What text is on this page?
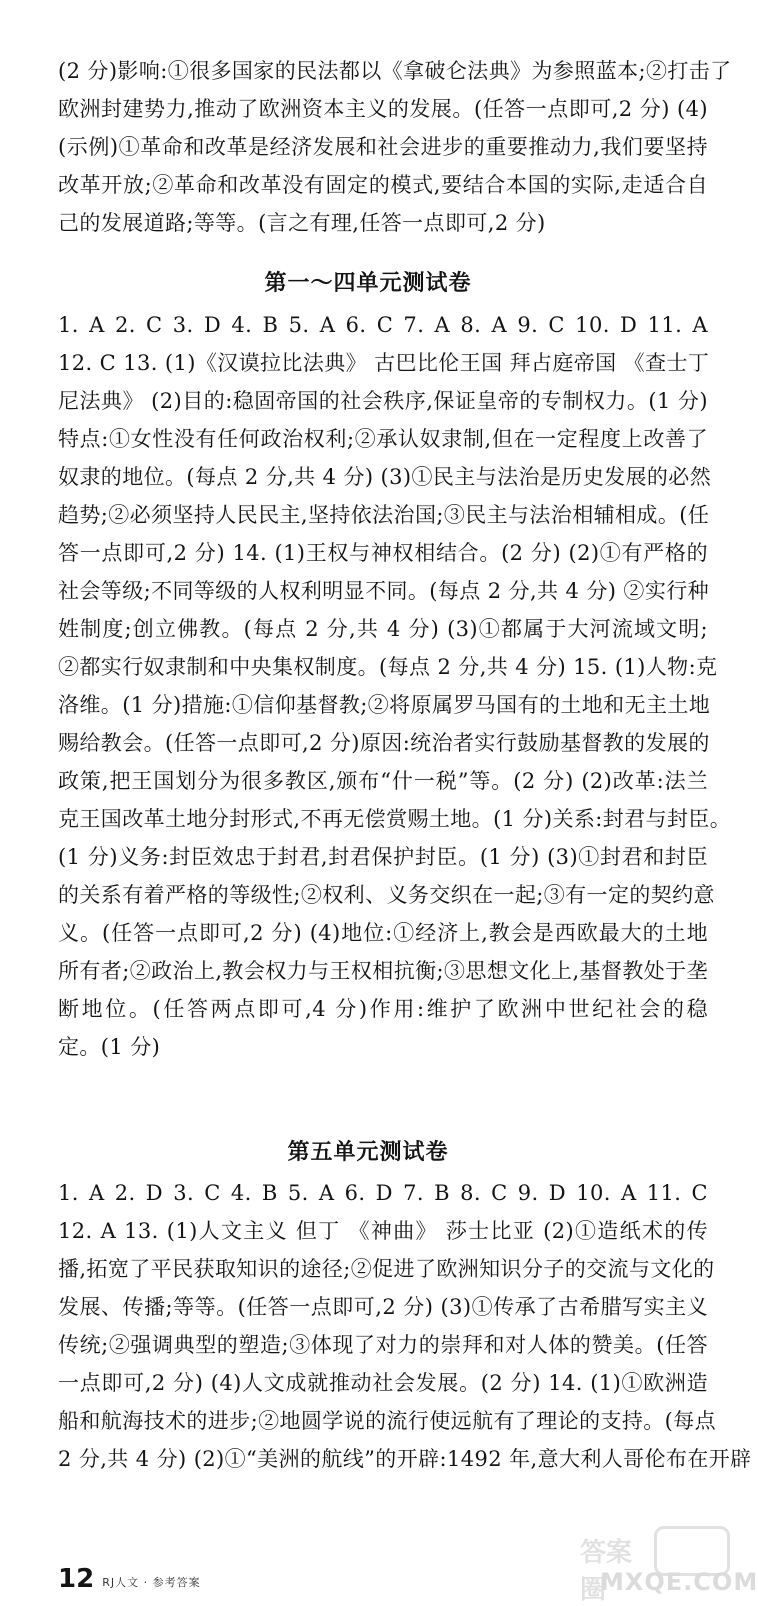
(2 分)影响:①很多国家的民法都以《拿破仑法典》为参照蓝本;②打击了
欧洲封建势力,推动了欧洲资本主义的发展。(任答一点即可,2 分) (4)
(示例)①革命和改革是经济发展和社会进步的重要推动力,我们要坚持
改革开放;②革命和改革没有固定的模式,要结合本国的实际,走适合自
己的发展道路;等等。(言之有理,任答一点即可,2 分)
第一～四单元测试卷
1. A 2. C 3. D 4. B 5. A 6. C 7. A 8. A 9. C 10. D 11. A
12. C 13. (1)《汉谟拉比法典》 古巴比伦王国 拜占庭帝国 《查士丁
尼法典》 (2)目的:稳固帝国的社会秩序,保证皇帝的专制权力。(1 分)
特点:①女性没有任何政治权利;②承认奴隶制,但在一定程度上改善了
奴隶的地位。(每点 2 分,共 4 分) (3)①民主与法治是历史发展的必然
趋势;②必须坚持人民民主,坚持依法治国;③民主与法治相辅相成。(任
答一点即可,2 分) 14. (1)王权与神权相结合。(2 分) (2)①有严格的
社会等级;不同等级的人权利明显不同。(每点 2 分,共 4 分) ②实行种
姓制度;创立佛教。(每点 2 分,共 4 分) (3)①都属于大河流域文明;
②都实行奴隶制和中央集权制度。(每点 2 分,共 4 分) 15. (1)人物:克
洛维。(1 分)措施:①信仰基督教;②将原属罗马国有的土地和无主土地
赐给教会。(任答一点即可,2 分)原因:统治者实行鼓励基督教的发展的
政策,把王国划分为很多教区,颁布“什一税”等。(2 分) (2)改革:法兰
克王国改革土地分封形式,不再无偿赏赐土地。(1 分)关系:封君与封臣。
(1 分)义务:封臣效忠于封君,封君保护封臣。(1 分) (3)①封君和封臣
的关系有着严格的等级性;②权利、义务交织在一起;③有一定的契约意
义。(任答一点即可,2 分) (4)地位:①经济上,教会是西欧最大的土地
所有者;②政治上,教会权力与王权相抗衡;③思想文化上,基督教处于垄
断地位。(任答两点即可,4 分)作用:维护了欧洲中世纪社会的稳
定。(1 分)
第五单元测试卷
1. A 2. D 3. C 4. B 5. A 6. D 7. B 8. C 9. D 10. A 11. C
12. A 13. (1)人文主义 但丁 《神曲》 莎士比亚 (2)①造纸术的传
播,拓宽了平民获取知识的途径;②促进了欧洲知识分子的交流与文化的
发展、传播;等等。(任答一点即可,2 分) (3)①传承了古希腊写实主义
传统;②强调典型的塑造;③体现了对力的崇拜和对人体的赞美。(任答
一点即可,2 分) (4)人文成就推动社会发展。(2 分) 14. (1)①欧洲造
船和航海技术的进步;②地圆学说的流行使远航有了理论的支持。(每点
2 分,共 4 分) (2)①“美洲的航线”的开辟:1492 年,意大利人哥伦布在开辟
12 RJ人文 · 参考答案
答案圈
MXQE.COM
